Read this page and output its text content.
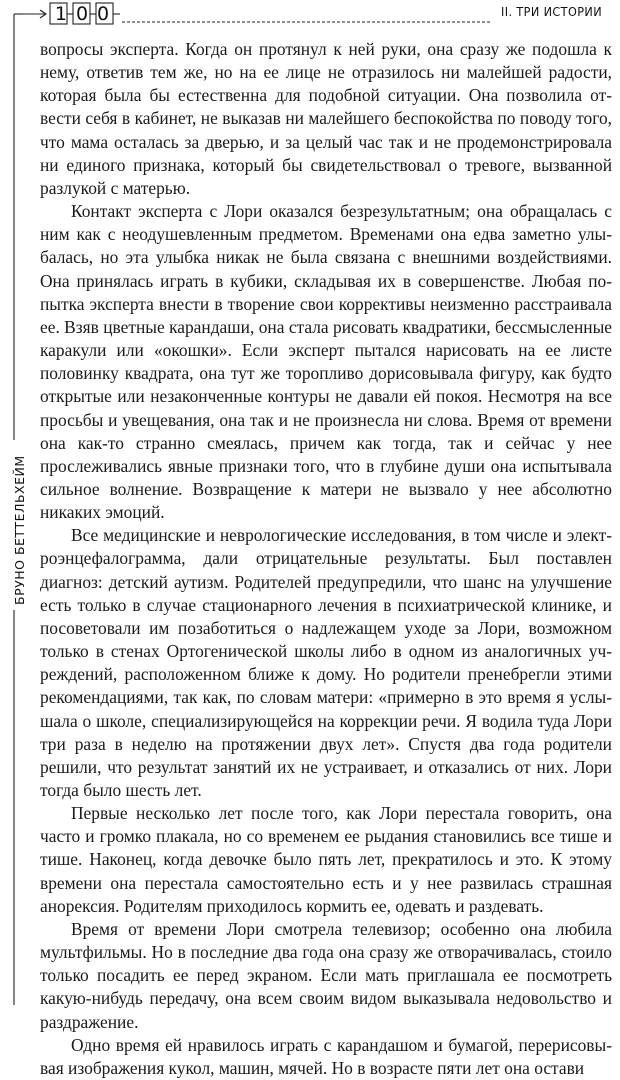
100	II. ТРИ ИСТОРИИ
БРУНО БЕТТЕЛЬХЕЙМ

вопросы эксперта. Когда он протянул к ней руки, она сразу же подошла к нему, ответив тем же, но на ее лице не отразилось ни малейшей радости, которая была бы естественна для подобной ситуации. Она позволила отвести себя в кабинет, не выказав ни малейшего беспокойства по поводу того, что мама осталась за дверью, и за целый час так и не продемонстрировала ни единого признака, который бы свидетельствовал о тревоге, вызванной разлукой с матерью.

Контакт эксперта с Лори оказался безрезультатным; она обращалась с ним как с неодушевленным предметом. Временами она едва заметно улыбалась, но эта улыбка никак не была связана с внешними воздействиями. Она принялась играть в кубики, складывая их в совершенстве. Любая попытка эксперта внести в творение свои коррективы неизменно расстраивала ее. Взяв цветные карандаши, она стала рисовать квадратики, бессмысленные каракули или «окошки». Если эксперт пытался нарисовать на ее листе половинку квадрата, она тут же торопливо дорисовывала фигуру, как будто открытые или незаконченные контуры не давали ей покоя. Несмотря на все просьбы и увещевания, она так и не произнесла ни слова. Время от времени она как-то странно смеялась, причем как тогда, так и сейчас у нее прослеживались явные признаки того, что в глубине души она испытывала сильное волнение. Возвращение к матери не вызвало у нее абсолютно никаких эмоций.

Все медицинские и неврологические исследования, в том числе и электроэнцефалограмма, дали отрицательные результаты. Был поставлен диагноз: детский аутизм. Родителей предупредили, что шанс на улучшение есть только в случае стационарного лечения в психиатрической клинике, и посоветовали им позаботиться о надлежащем уходе за Лори, возможном только в стенах Ортогенической школы либо в одном из аналогичных учреждений, расположенном ближе к дому. Но родители пренебрегли этими рекомендациями, так как, по словам матери: «примерно в это время я услышала о школе, специализирующейся на коррекции речи. Я водила туда Лори три раза в неделю на протяжении двух лет». Спустя два года родители решили, что результат занятий их не устраивает, и отказались от них. Лори тогда было шесть лет.

Первые несколько лет после того, как Лори перестала говорить, она часто и громко плакала, но со временем ее рыдания становились все тише и тише. Наконец, когда девочке было пять лет, прекратилось и это. К этому времени она перестала самостоятельно есть и у нее развилась страшная анорексия. Родителям приходилось кормить ее, одевать и раздевать.

Время от времени Лори смотрела телевизор; особенно она любила мультфильмы. Но в последние два года она сразу же отворачивалась, стоило только посадить ее перед экраном. Если мать приглашала ее посмотреть какую-нибудь передачу, она всем своим видом выказывала недовольство и раздражение.

Одно время ей нравилось играть с карандашом и бумагой, перерисовывая изображения кукол, машин, мячей. Но в возрасте пяти лет она остави
